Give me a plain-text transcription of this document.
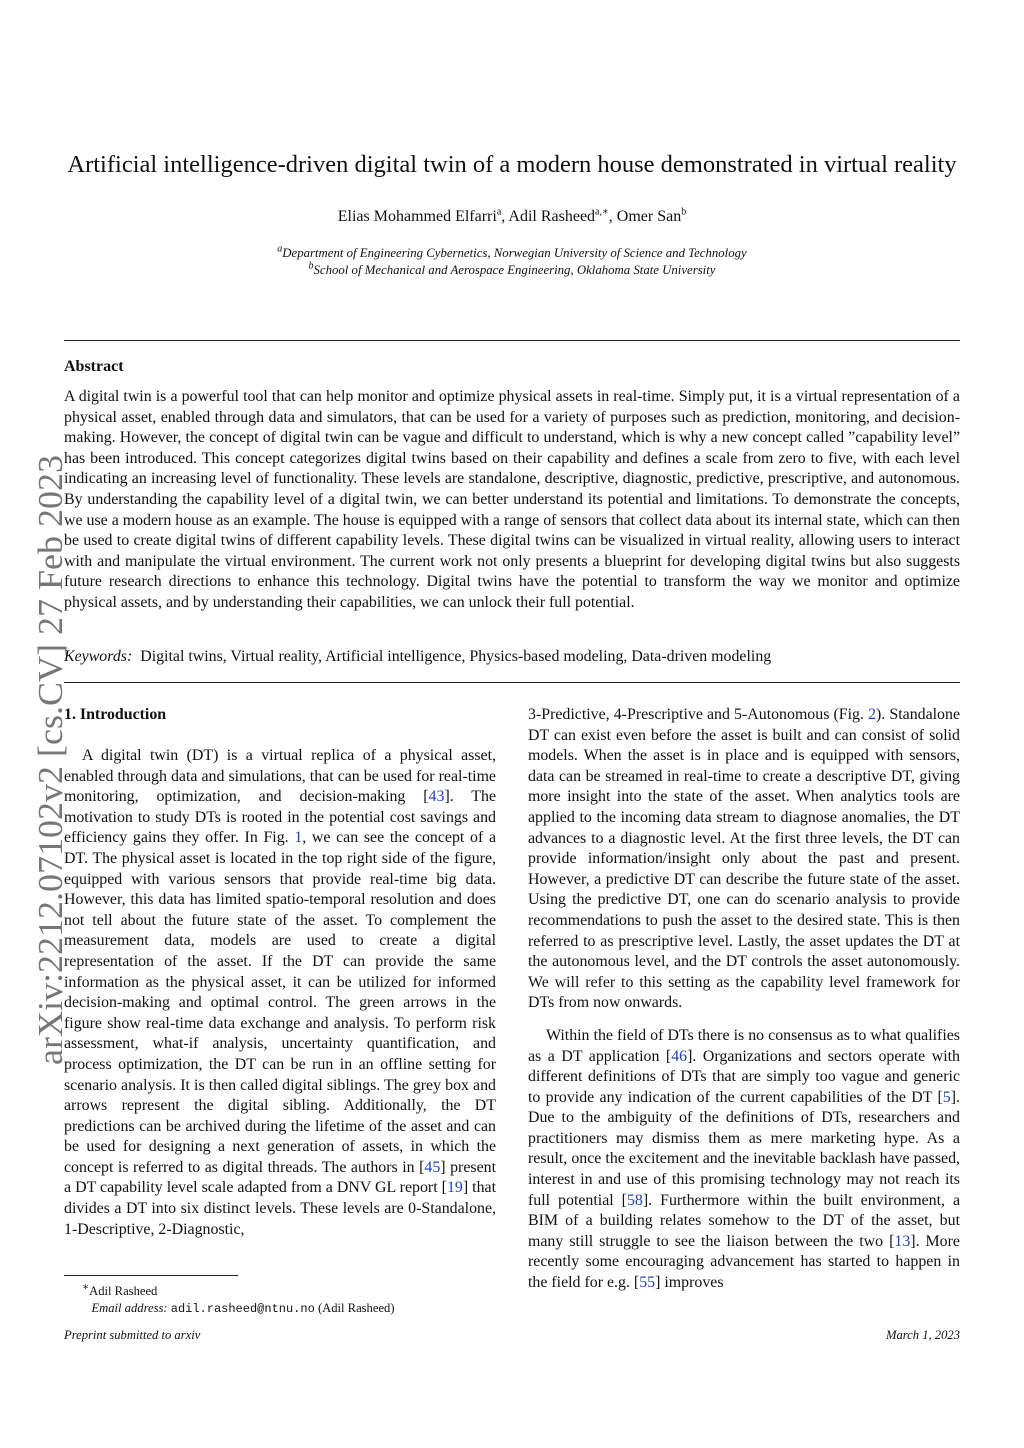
arXiv:2212.07102v2 [cs.CV] 27 Feb 2023
Artificial intelligence-driven digital twin of a modern house demonstrated in virtual reality
Elias Mohammed Elfarri$^a$, Adil Rasheed$^{a,∗}$, Omer San$^b$
$^a$Department of Engineering Cybernetics, Norwegian University of Science and Technology
$^b$School of Mechanical and Aerospace Engineering, Oklahoma State University
Abstract
A digital twin is a powerful tool that can help monitor and optimize physical assets in real-time. Simply put, it is a virtual representation of a physical asset, enabled through data and simulators, that can be used for a variety of purposes such as prediction, monitoring, and decision-making. However, the concept of digital twin can be vague and difficult to understand, which is why a new concept called ”capability level” has been introduced. This concept categorizes digital twins based on their capability and defines a scale from zero to five, with each level indicating an increasing level of functionality. These levels are standalone, descriptive, diagnostic, predictive, prescriptive, and autonomous. By understanding the capability level of a digital twin, we can better understand its potential and limitations. To demonstrate the concepts, we use a modern house as an example. The house is equipped with a range of sensors that collect data about its internal state, which can then be used to create digital twins of different capability levels. These digital twins can be visualized in virtual reality, allowing users to interact with and manipulate the virtual environment. The current work not only presents a blueprint for developing digital twins but also suggests future research directions to enhance this technology. Digital twins have the potential to transform the way we monitor and optimize physical assets, and by understanding their capabilities, we can unlock their full potential.
Keywords: Digital twins, Virtual reality, Artificial intelligence, Physics-based modeling, Data-driven modeling

1. Introduction

A digital twin (DT) is a virtual replica of a physical asset, enabled through data and simulations, that can be used for real-time monitoring, optimization, and decision-making [43]. The motivation to study DTs is rooted in the potential cost savings and efficiency gains they offer. In Fig. 1, we can see the concept of a DT. The physical asset is located in the top right side of the figure, equipped with various sensors that provide real-time big data. However, this data has limited spatio-temporal resolution and does not tell about the future state of the asset. To complement the measurement data, models are used to create a digital representation of the asset. If the DT can provide the same information as the physical asset, it can be utilized for informed decision-making and optimal control. The green arrows in the figure show real-time data exchange and analysis. To perform risk assessment, what-if analysis, uncertainty quantification, and process optimization, the DT can be run in an offline setting for scenario analysis. It is then called digital siblings. The grey box and arrows represent the digital sibling. Additionally, the DT predictions can be archived during the lifetime of the asset and can be used for designing a next generation of assets, in which the concept is referred to as digital threads. The authors in [45] present a DT capability level scale adapted from a DNV GL report [19] that divides a DT into six distinct levels. These levels are 0-Standalone, 1-Descriptive, 2-Diagnostic,

3-Predictive, 4-Prescriptive and 5-Autonomous (Fig. 2). Standalone DT can exist even before the asset is built and can consist of solid models. When the asset is in place and is equipped with sensors, data can be streamed in real-time to create a descriptive DT, giving more insight into the state of the asset. When analytics tools are applied to the incoming data stream to diagnose anomalies, the DT advances to a diagnostic level. At the first three levels, the DT can provide information/insight only about the past and present. However, a predictive DT can describe the future state of the asset. Using the predictive DT, one can do scenario analysis to provide recommendations to push the asset to the desired state. This is then referred to as prescriptive level. Lastly, the asset updates the DT at the autonomous level, and the DT controls the asset autonomously. We will refer to this setting as the capability level framework for DTs from now onwards.

Within the field of DTs there is no consensus as to what qualifies as a DT application [46]. Organizations and sectors operate with different definitions of DTs that are simply too vague and generic to provide any indication of the current capabilities of the DT [5]. Due to the ambiguity of the definitions of DTs, researchers and practitioners may dismiss them as mere marketing hype. As a result, once the excitement and the inevitable backlash have passed, interest in and use of this promising technology may not reach its full potential [58]. Furthermore within the built environment, a BIM of a building relates somehow to the DT of the asset, but many still struggle to see the liaison between the two [13]. More recently some encouraging advancement has started to happen in the field for e.g. [55] improves

∗Adil Rasheed
Email address: adil.rasheed@ntnu.no (Adil Rasheed)
Preprint submitted to arxiv	March 1, 2023
